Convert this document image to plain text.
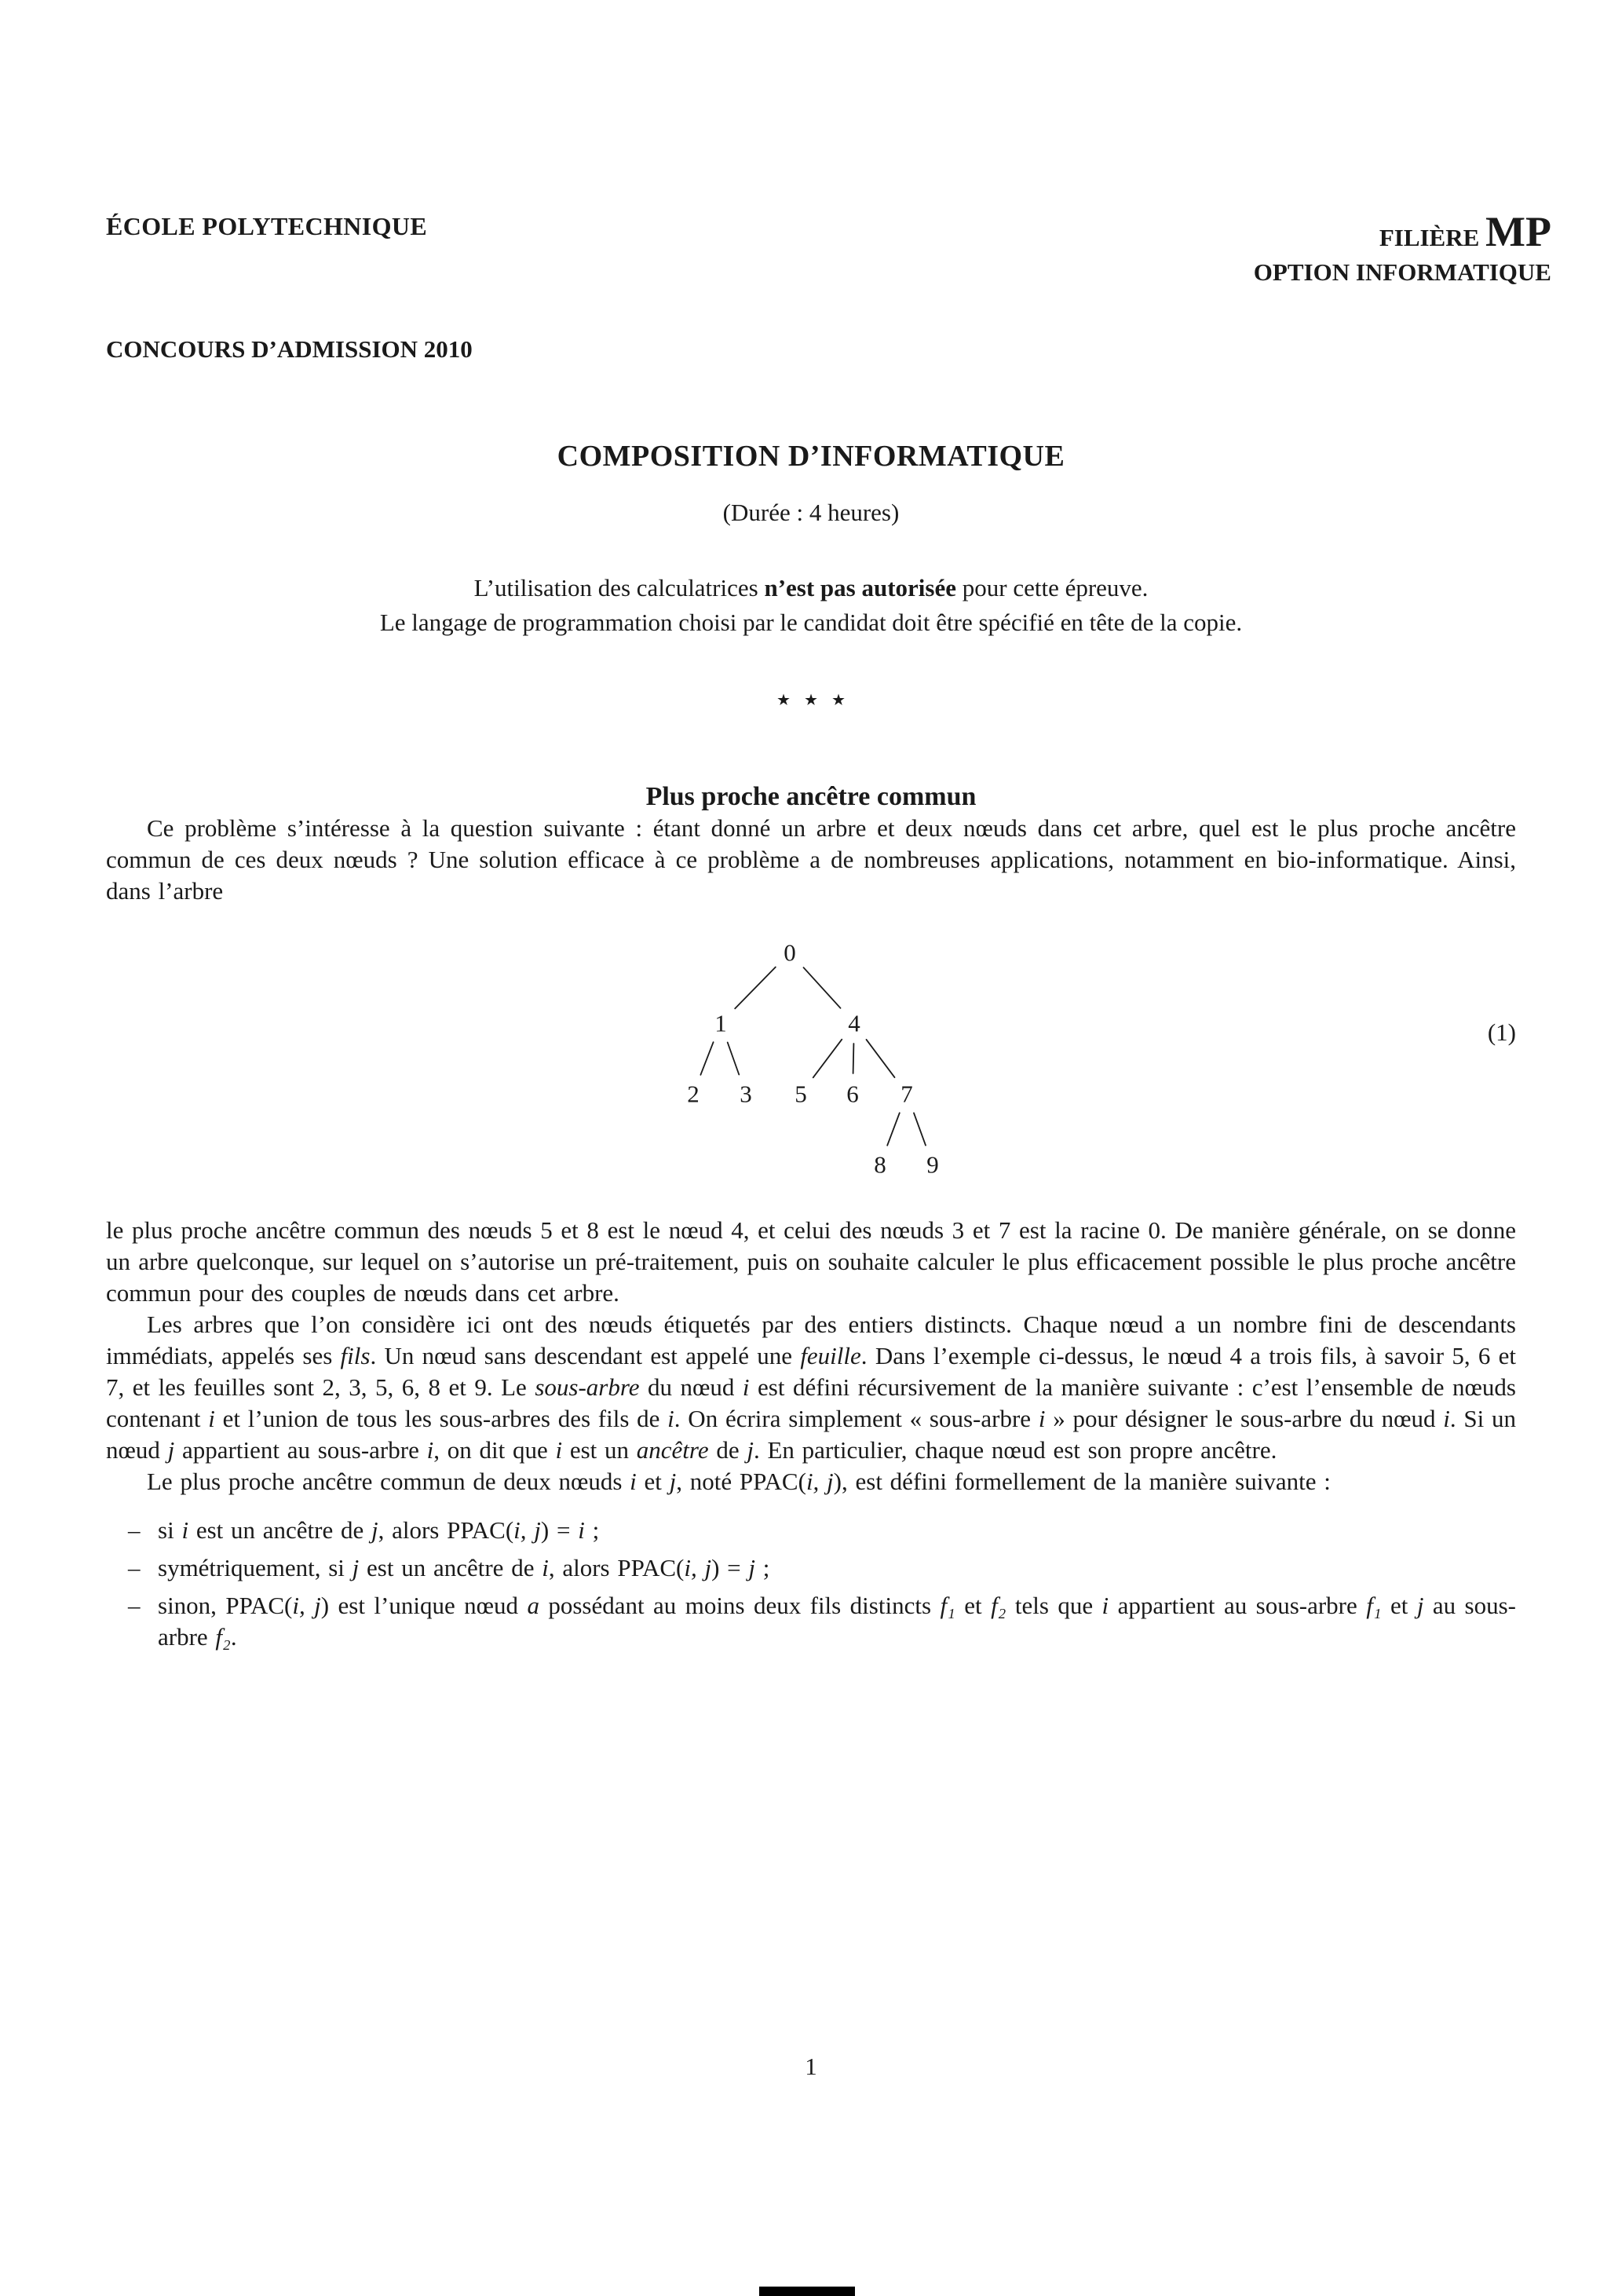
ÉCOLE POLYTECHNIQUE	FILIÈRE MP
OPTION INFORMATIQUE
CONCOURS D’ADMISSION 2010
COMPOSITION D’INFORMATIQUE
(Durée : 4 heures)
L’utilisation des calculatrices n’est pas autorisée pour cette épreuve.
Le langage de programmation choisi par le candidat doit être spécifié en tête de la copie.
⋆ ⋆ ⋆
Plus proche ancêtre commun

Ce problème s’intéresse à la question suivante : étant donné un arbre et deux nœuds dans cet arbre, quel est le plus proche ancêtre commun de ces deux nœuds ? Une solution efficace à ce problème a de nombreuses applications, notamment en bio-informatique. Ainsi, dans l’arbre

0
1	4
2 3 5 6 7
8 9
(1)

le plus proche ancêtre commun des nœuds 5 et 8 est le nœud 4, et celui des nœuds 3 et 7 est la racine 0. De manière générale, on se donne un arbre quelconque, sur lequel on s’autorise un pré-traitement, puis on souhaite calculer le plus efficacement possible le plus proche ancêtre commun pour des couples de nœuds dans cet arbre.

Les arbres que l’on considère ici ont des nœuds étiquetés par des entiers distincts. Chaque nœud a un nombre fini de descendants immédiats, appelés ses fils. Un nœud sans descendant est appelé une feuille. Dans l’exemple ci-dessus, le nœud 4 a trois fils, à savoir 5, 6 et 7, et les feuilles sont 2, 3, 5, 6, 8 et 9. Le sous-arbre du nœud i est défini récursivement de la manière suivante : c’est l’ensemble de nœuds contenant i et l’union de tous les sous-arbres des fils de i. On écrira simplement « sous-arbre i » pour désigner le sous-arbre du nœud i. Si un nœud j appartient au sous-arbre i, on dit que i est un ancêtre de j. En particulier, chaque nœud est son propre ancêtre.

Le plus proche ancêtre commun de deux nœuds i et j, noté PPAC(i, j), est défini formellement de la manière suivante :

– si i est un ancêtre de j, alors PPAC(i, j) = i ;
– symétriquement, si j est un ancêtre de i, alors PPAC(i, j) = j ;
– sinon, PPAC(i, j) est l’unique nœud a possédant au moins deux fils distincts f₁ et f₂ tels que i appartient au sous-arbre f₁ et j au sous-arbre f₂.
1
